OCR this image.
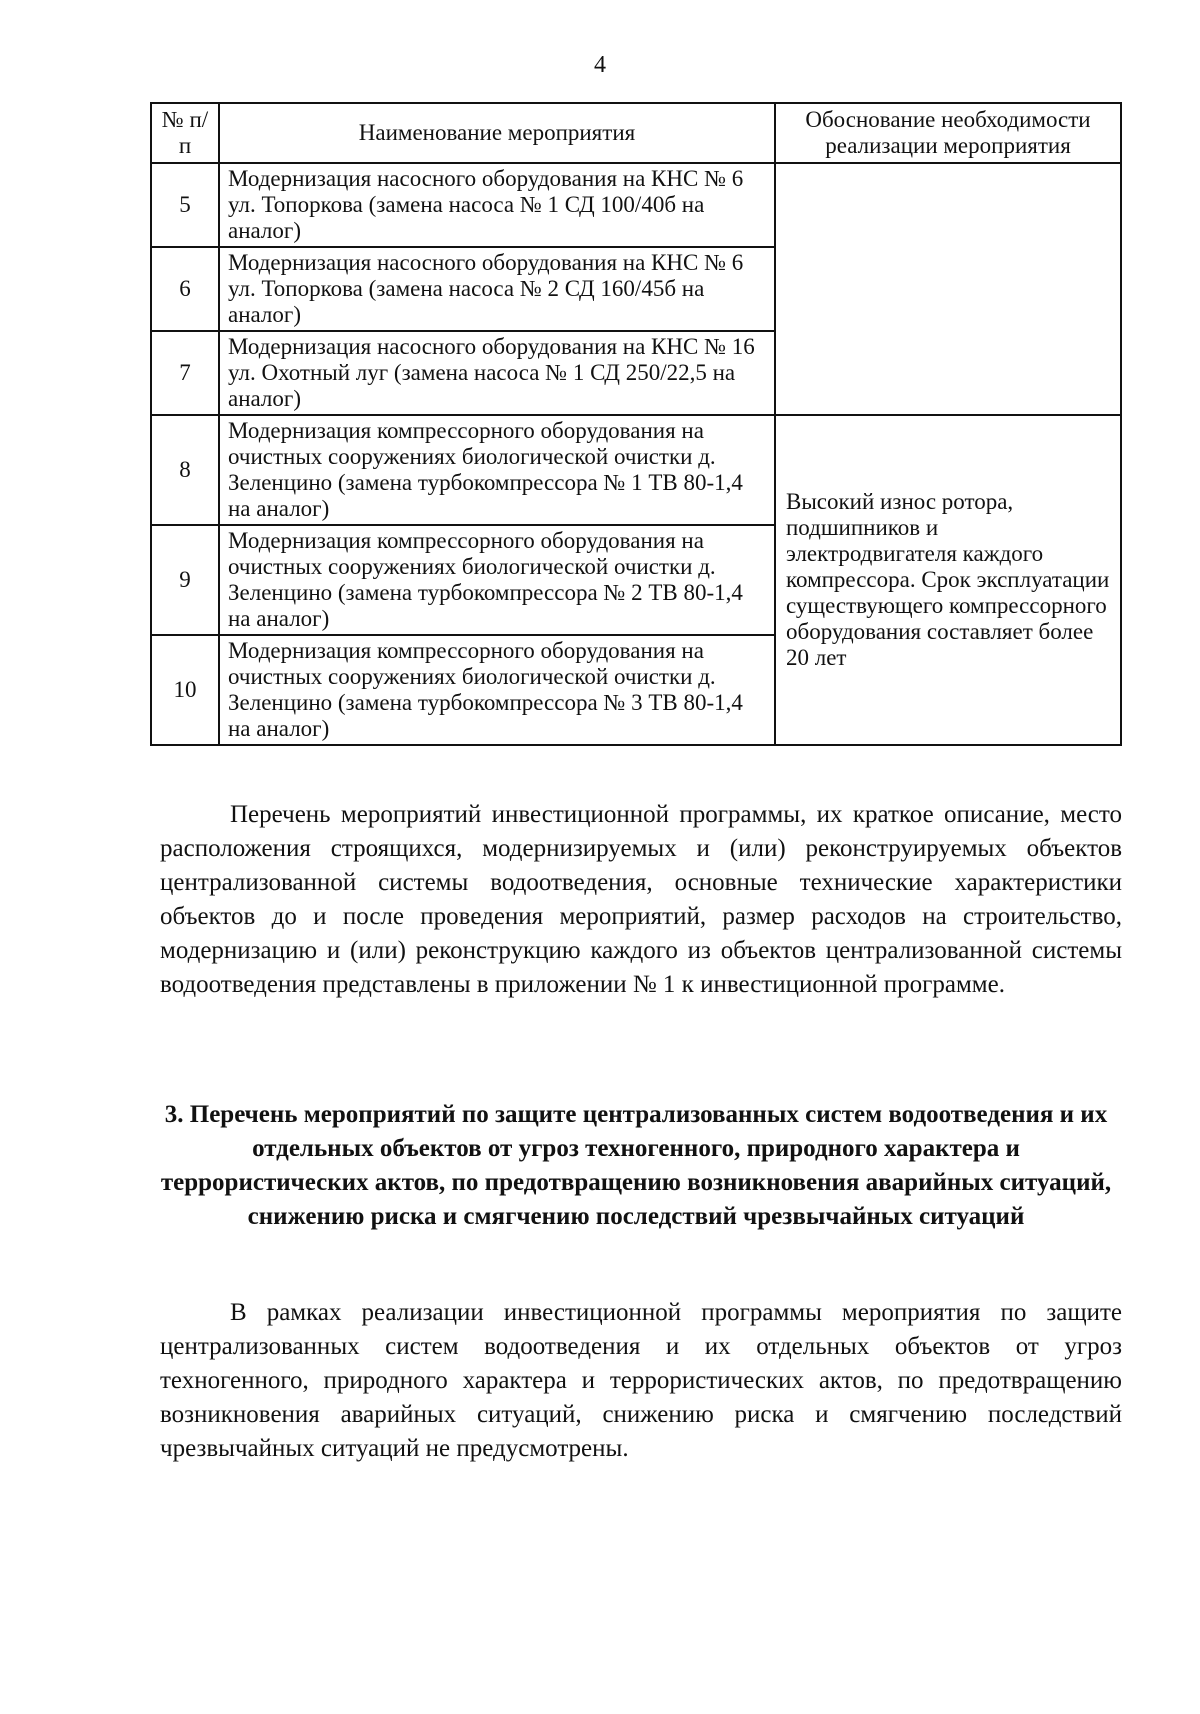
4
№ п/п	Наименование мероприятия	Обоснование необходимости реализации мероприятия
5	Модернизация насосного оборудования на КНС № 6 ул. Топоркова (замена насоса № 1 СД 100/40б на аналог)	
6	Модернизация насосного оборудования на КНС № 6 ул. Топоркова (замена насоса № 2 СД 160/45б на аналог)	
7	Модернизация насосного оборудования на КНС № 16 ул. Охотный луг (замена насоса № 1 СД 250/22,5 на аналог)	
8	Модернизация компрессорного оборудования на очистных сооружениях биологической очистки д. Зеленцино (замена турбокомпрессора № 1 ТВ 80-1,4 на аналог)	Высокий износ ротора, подшипников и электродвигателя каждого компрессора. Срок эксплуатации существующего компрессорного оборудования составляет более 20 лет
9	Модернизация компрессорного оборудования на очистных сооружениях биологической очистки д. Зеленцино (замена турбокомпрессора № 2 ТВ 80-1,4 на аналог)	
10	Модернизация компрессорного оборудования на очистных сооружениях биологической очистки д. Зеленцино (замена турбокомпрессора № 3 ТВ 80-1,4 на аналог)	

Перечень мероприятий инвестиционной программы, их краткое описание, место расположения строящихся, модернизируемых и (или) реконструируемых объектов централизованной системы водоотведения, основные технические характеристики объектов до и после проведения мероприятий, размер расходов на строительство, модернизацию и (или) реконструкцию каждого из объектов централизованной системы водоотведения представлены в приложении № 1 к инвестиционной программе.

3. Перечень мероприятий по защите централизованных систем водоотведения и их отдельных объектов от угроз техногенного, природного характера и террористических актов, по предотвращению возникновения аварийных ситуаций, снижению риска и смягчению последствий чрезвычайных ситуаций

В рамках реализации инвестиционной программы мероприятия по защите централизованных систем водоотведения и их отдельных объектов от угроз техногенного, природного характера и террористических актов, по предотвращению возникновения аварийных ситуаций, снижению риска и смягчению последствий чрезвычайных ситуаций не предусмотрены.
